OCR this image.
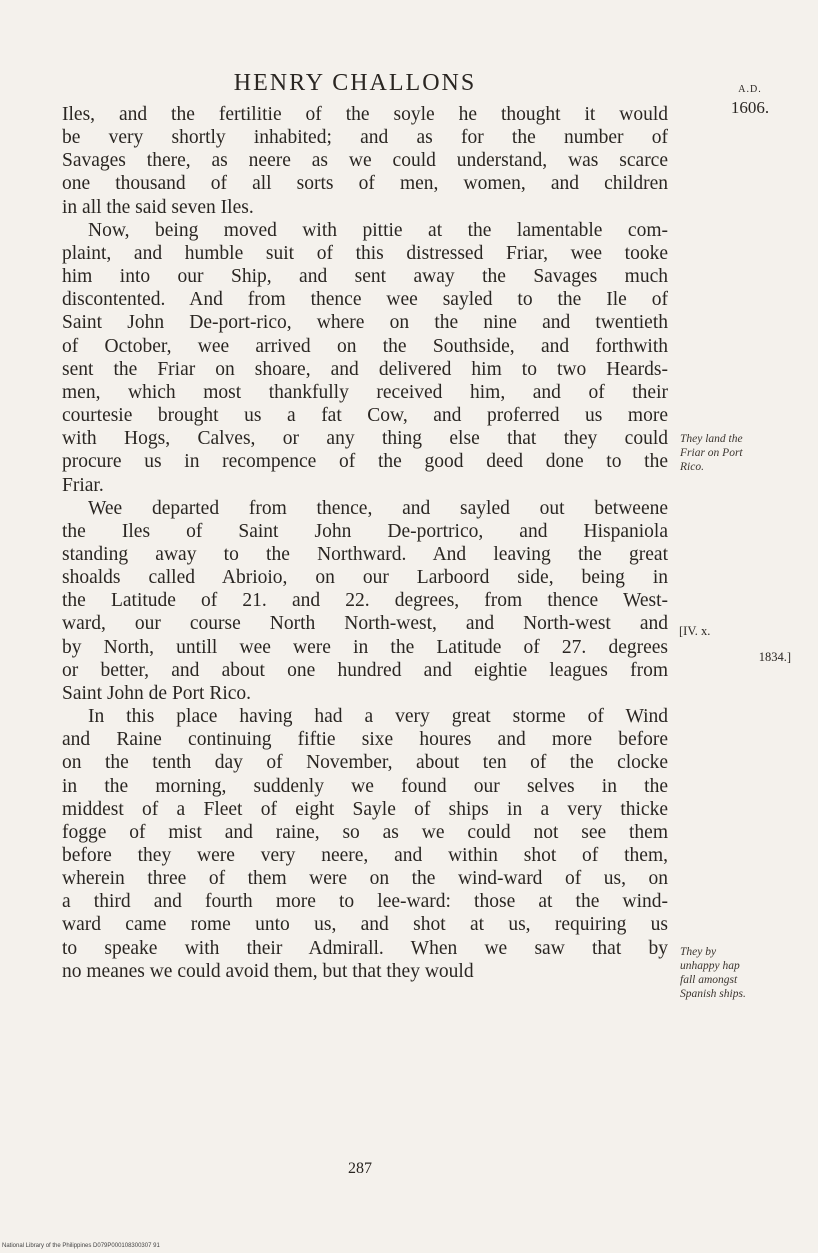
HENRY CHALLONS	A.D.
1606.
Iles, and the fertilitie of the soyle he thought it would
be very shortly inhabited; and as for the number of
Savages there, as neere as we could understand, was scarce
one thousand of all sorts of men, women, and children
in all the said seven Iles.
Now, being moved with pittie at the lamentable com-
plaint, and humble suit of this distressed Friar, wee tooke
him into our Ship, and sent away the Savages much
discontented. And from thence wee sayled to the Ile of
Saint John De-port-rico, where on the nine and twentieth
of October, wee arrived on the Southside, and forthwith
sent the Friar on shoare, and delivered him to two Heards-
men, which most thankfully received him, and of their
courtesie brought us a fat Cow, and proferred us more
with Hogs, Calves, or any thing else that they could
procure us in recompence of the good deed done to the
Friar.
Wee departed from thence, and sayled out betweene
the Iles of Saint John De-portrico, and Hispaniola
standing away to the Northward. And leaving the great
shoalds called Abrioio, on our Larboord side, being in
the Latitude of 21. and 22. degrees, from thence West-
ward, our course North North-west, and North-west and
by North, untill wee were in the Latitude of 27. degrees
or better, and about one hundred and eightie leagues from
Saint John de Port Rico.
In this place having had a very great storme of Wind
and Raine continuing fiftie sixe houres and more before
on the tenth day of November, about ten of the clocke
in the morning, suddenly we found our selves in the
middest of a Fleet of eight Sayle of ships in a very thicke
fogge of mist and raine, so as we could not see them
before they were very neere, and within shot of them,
wherein three of them were on the wind-ward of us, on
a third and fourth more to lee-ward: those at the wind-
ward came rome unto us, and shot at us, requiring us
to speake with their Admirall. When we saw that by
no meanes we could avoid them, but that they would
They land the
Friar on Port
Rico.
They by
unhappy hap
fall amongst
Spanish ships.
[IV. x.
1834.]
287
National Library of the Philippines D079P000108300307 91
